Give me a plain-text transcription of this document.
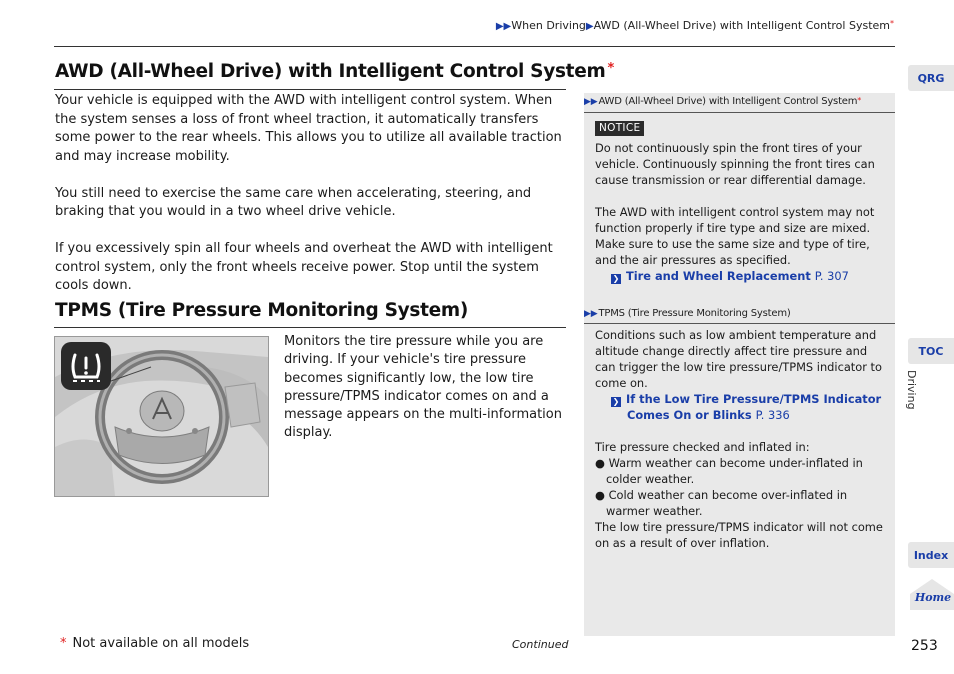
▶▶When Driving▶AWD (All-Wheel Drive) with Intelligent Control System*
AWD (All-Wheel Drive) with Intelligent Control System *

Your vehicle is equipped with the AWD with intelligent control system. When the system senses a loss of front wheel traction, it automatically transfers some power to the rear wheels. This allows you to utilize all available traction and may increase mobility.

You still need to exercise the same care when accelerating, steering, and braking that you would in a two wheel drive vehicle.

If you excessively spin all four wheels and overheat the AWD with intelligent control system, only the front wheels receive power. Stop until the system cools down.

TPMS (Tire Pressure Monitoring System)
Monitors the tire pressure while you are driving. If your vehicle's tire pressure becomes significantly low, the low tire pressure/TPMS indicator comes on and a message appears on the multi-information display.
▶▶AWD (All-Wheel Drive) with Intelligent Control System*
NOTICE

Do not continuously spin the front tires of your vehicle. Continuously spinning the front tires can cause transmission or rear differential damage.

The AWD with intelligent control system may not function properly if tire type and size are mixed. Make sure to use the same size and type of tire, and the air pressures as specified.

❯ Tire and Wheel Replacement P. 307

▶▶TPMS (Tire Pressure Monitoring System)

Conditions such as low ambient temperature and altitude change directly affect tire pressure and can trigger the low tire pressure/TPMS indicator to come on.

❯ If the Low Tire Pressure/TPMS Indicator

Comes On or Blinks P. 336

Tire pressure checked and inflated in:

● Warm weather can become under-inflated in colder weather.

● Cold weather can become over-inflated in warmer weather.

The low tire pressure/TPMS indicator will not come on as a result of over inflation.

QRG
TOC
Driving
Index
Home
* Not available on all models	Continued	253
